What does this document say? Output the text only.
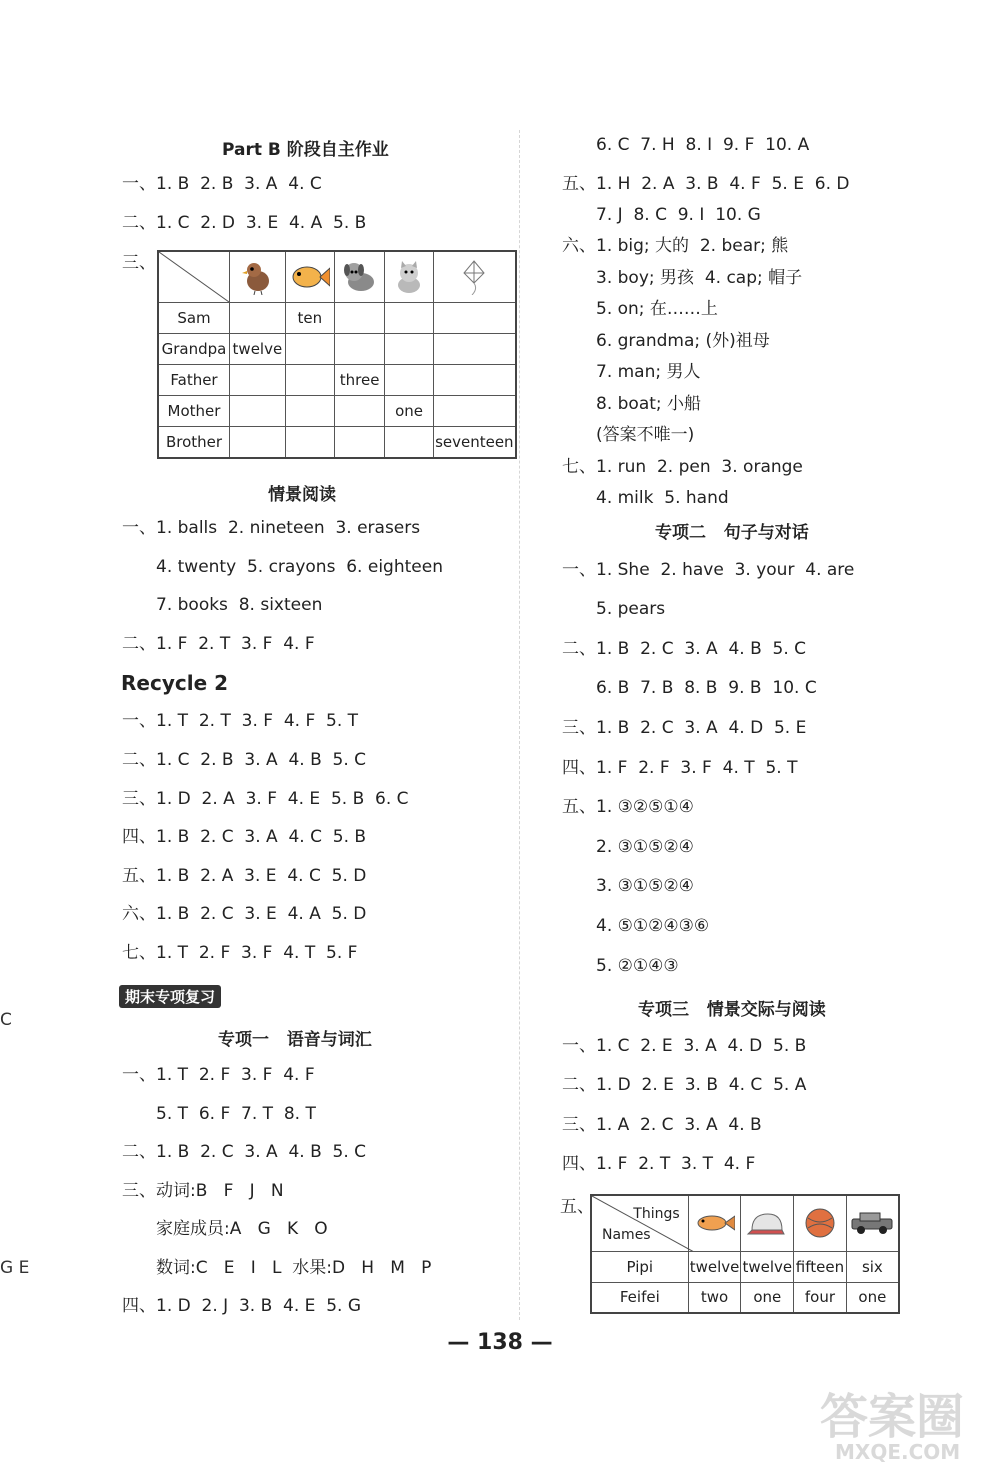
C
G E
Part B 阶段自主作业
一、1. B  2. B  3. A  4. C
二、1. C  2. D  3. E  4. A  5. B
三、

Sam		ten			
Grandpa	twelve				
Father			three		
Mother				one	
Brother					seventeen
情景阅读
一、1. balls  2. nineteen  3. erasers
4. twenty  5. crayons  6. eighteen
7. books  8. sixteen
二、1. F  2. T  3. F  4. F
Recycle 2
一、1. T  2. T  3. F  4. F  5. T
二、1. C  2. B  3. A  4. B  5. C
三、1. D  2. A  3. F  4. E  5. B  6. C
四、1. B  2. C  3. A  4. C  5. B
五、1. B  2. A  3. E  4. C  5. D
六、1. B  2. C  3. E  4. A  5. D
七、1. T  2. F  3. F  4. T  5. F
期末专项复习
专项一   语音与词汇
一、1. T  2. F  3. F  4. F
5. T  6. F  7. T  8. T
二、1. B  2. C  3. A  4. B  5. C
三、动词:B   F   J   N
家庭成员:A   G   K   O
数词:C   E   I   L  水果:D   H   M   P
四、1. D  2. J  3. B  4. E  5. G
6. C  7. H  8. I  9. F  10. A
五、1. H  2. A  3. B  4. F  5. E  6. D
7. J  8. C  9. I  10. G
六、1. big; 大的  2. bear; 熊
3. boy; 男孩  4. cap; 帽子
5. on; 在……上
6. grandma; (外)祖母
7. man; 男人
8. boat; 小船
(答案不唯一)
七、1. run  2. pen  3. orange
4. milk  5. hand
专项二   句子与对话
一、1. She  2. have  3. your  4. are
5. pears
二、1. B  2. C  3. A  4. B  5. C
6. B  7. B  8. B  9. B  10. C
三、1. B  2. C  3. A  4. D  5. E
四、1. F  2. F  3. F  4. T  5. T
五、1. ③②⑤①④
2. ③①⑤②④
3. ③①⑤②④
4. ⑤①②④③⑥
5. ②①④③
专项三   情景交际与阅读
一、1. C  2. E  3. A  4. D  5. B
二、1. D  2. E  3. B  4. C  5. A
三、1. A  2. C  3. A  4. B
四、1. F  2. T  3. T  4. F
五、	Things
Names

Pipi	twelve	twelve	fifteen	six
Feifei	two	one	four	one
— 138 —
答案圈
MXQE.COM
